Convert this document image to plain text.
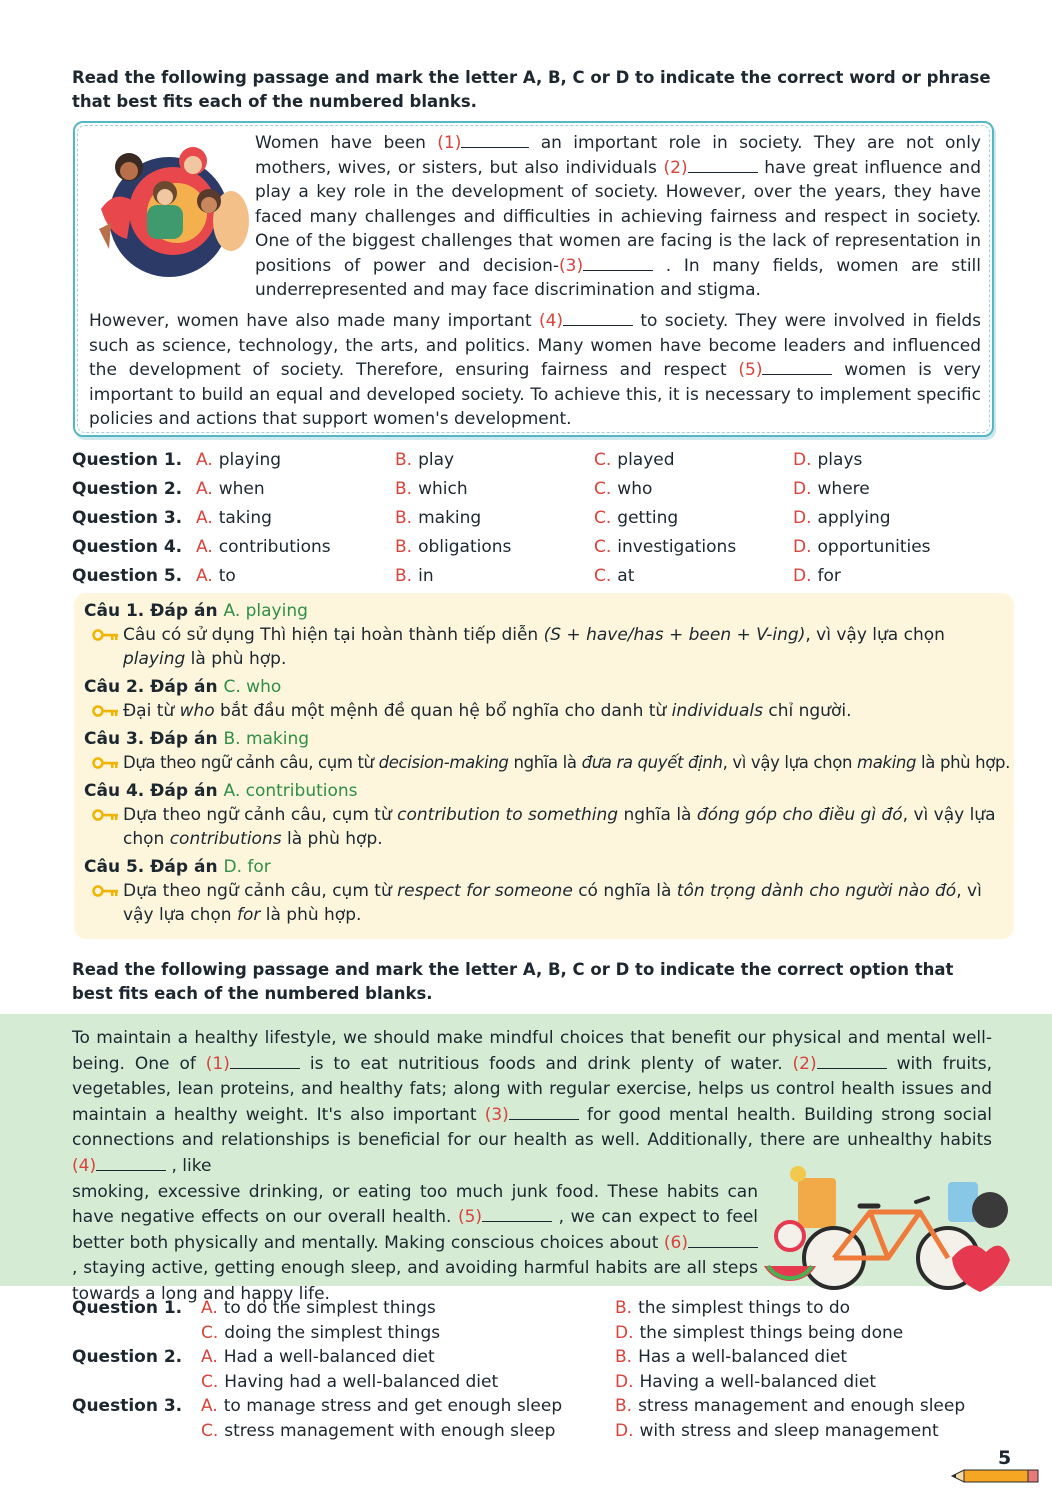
Read the following passage and mark the letter A, B, C or D to indicate the correct word or phrase that best fits each of the numbered blanks.
Women have been (1)	an important role in society. They are not only mothers, wives, or sisters, but also individuals (2)	have great influence and play a key role in the development of society. However, over the years, they have faced many challenges and difficulties in achieving fairness and respect in society. One of the biggest challenges that women are facing is the lack of representation in positions of power and decision-(3)	. In many fields, women are still underrepresented and may face discrimination and stigma.
However, women have also made many important (4)	to society. They were involved in fields such as science, technology, the arts, and politics. Many women have become leaders and influenced the development of society. Therefore, ensuring fairness and respect (5)	women is very important to build an equal and developed society. To achieve this, it is necessary to implement specific policies and actions that support women's development.
Question 1. A. playing	B. play	C. played	D. plays
Question 2. A. when	B. which	C. who	D. where
Question 3. A. taking	B. making	C. getting	D. applying
Question 4. A. contributions	B. obligations	C. investigations	D. opportunities
Question 5. A. to	B. in	C. at	D. for
Câu 1. Đáp án A. playing
Câu có sử dụng Thì hiện tại hoàn thành tiếp diễn (S + have/has + been + V-ing), vì vậy lựa chọn playing là phù hợp.
Câu 2. Đáp án C. who
Đại từ who bắt đầu một mệnh đề quan hệ bổ nghĩa cho danh từ individuals chỉ người.
Câu 3. Đáp án B. making
Dựa theo ngữ cảnh câu, cụm từ decision-making nghĩa là đưa ra quyết định, vì vậy lựa chọn making là phù hợp.
Câu 4. Đáp án A. contributions
Dựa theo ngữ cảnh câu, cụm từ contribution to something nghĩa là đóng góp cho điều gì đó, vì vậy lựa chọn contributions là phù hợp.
Câu 5. Đáp án D. for
Dựa theo ngữ cảnh câu, cụm từ respect for someone có nghĩa là tôn trọng dành cho người nào đó, vì vậy lựa chọn for là phù hợp.
Read the following passage and mark the letter A, B, C or D to indicate the correct option that best fits each of the numbered blanks.
To maintain a healthy lifestyle, we should make mindful choices that benefit our physical and mental well-being. One of (1)	is to eat nutritious foods and drink plenty of water. (2)	with fruits, vegetables, lean proteins, and healthy fats; along with regular exercise, helps us control health issues and maintain a healthy weight. It's also important (3)	for good mental health. Building strong social connections and relationships is beneficial for our health as well. Additionally, there are unhealthy habits (4)	, like
smoking, excessive drinking, or eating too much junk food. These habits can have negative effects on our overall health. (5)	, we can expect to feel better both physically and mentally. Making conscious choices about (6) , staying active, getting enough sleep, and avoiding harmful habits are all steps towards a long and happy life.
Question 1.	A. to do the simplest things	B. the simplest things to do
C. doing the simplest things	D. the simplest things being done
Question 2.	A. Had a well-balanced diet	B. Has a well-balanced diet
C. Having had a well-balanced diet	D. Having a well-balanced diet
Question 3.	A. to manage stress and get enough sleep	B. stress management and enough sleep
C. stress management with enough sleep	D. with stress and sleep management
5
